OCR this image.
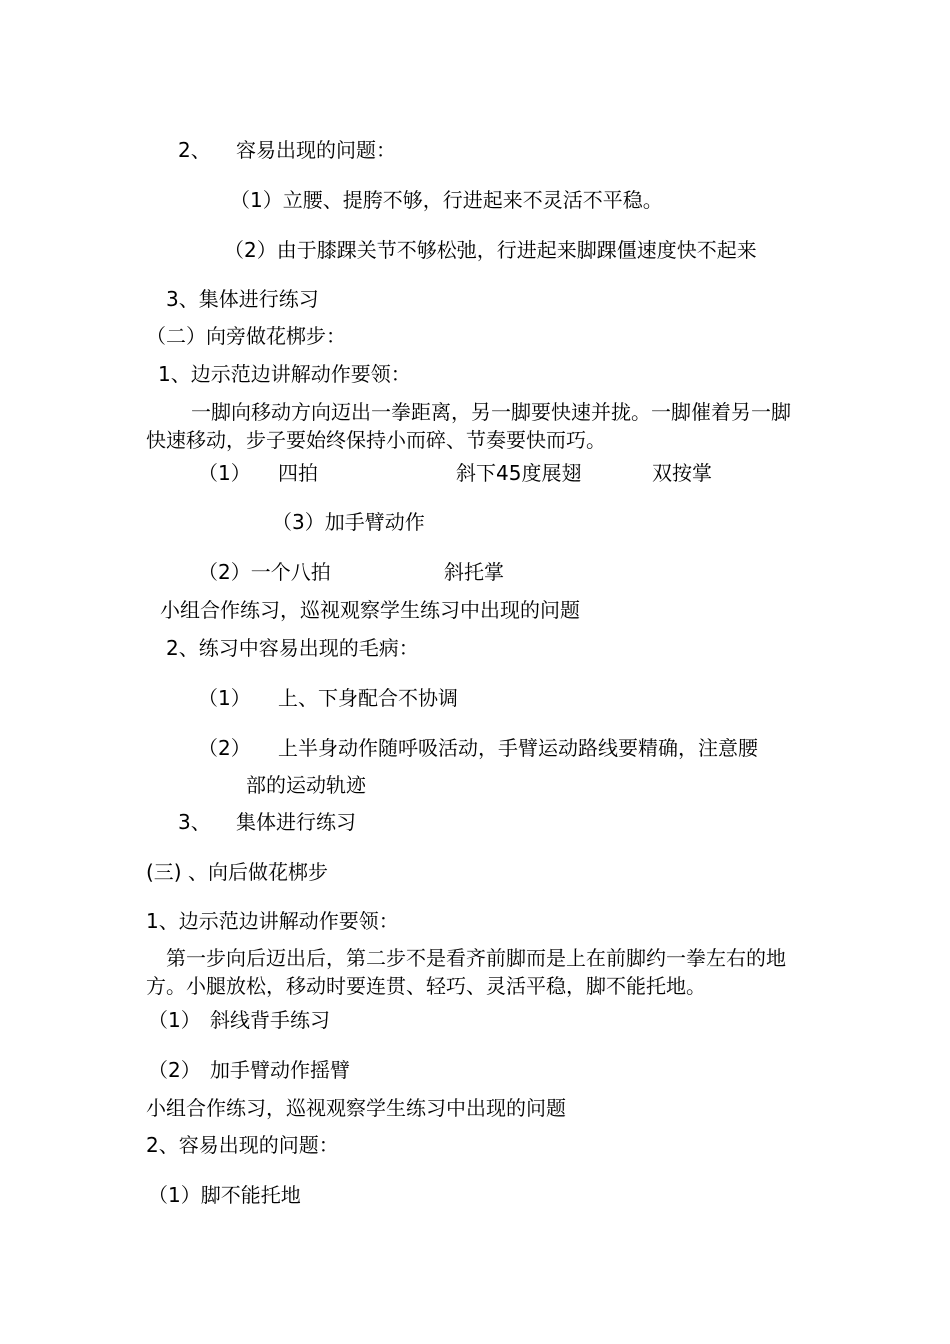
2、 容易出现的问题：
（1）立腰、提胯不够，行进起来不灵活不平稳。
（2）由于膝踝关节不够松弛，行进起来脚踝僵速度快不起来
3、集体进行练习
（二）向旁做花梆步：
1、边示范边讲解动作要领：
一脚向移动方向迈出一拳距离，另一脚要快速并拢。一脚催着另一脚快速移动，步子要始终保持小而碎、节奏要快而巧。
（1） 四拍	斜下45度展翅	双按掌
（3）加手臂动作
（2）一个八拍	斜托掌
小组合作练习，巡视观察学生练习中出现的问题
2、练习中容易出现的毛病：
（1） 上、下身配合不协调
（2） 上半身动作随呼吸活动，手臂运动路线要精确，注意腰
部的运动轨迹
3、 集体进行练习
(三) 、向后做花梆步
1、边示范边讲解动作要领：
第一步向后迈出后，第二步不是看齐前脚而是上在前脚约一拳左右的地方。小腿放松，移动时要连贯、轻巧、灵活平稳，脚不能托地。
（1） 斜线背手练习
（2） 加手臂动作摇臂
小组合作练习，巡视观察学生练习中出现的问题
2、容易出现的问题：
（1）脚不能托地
